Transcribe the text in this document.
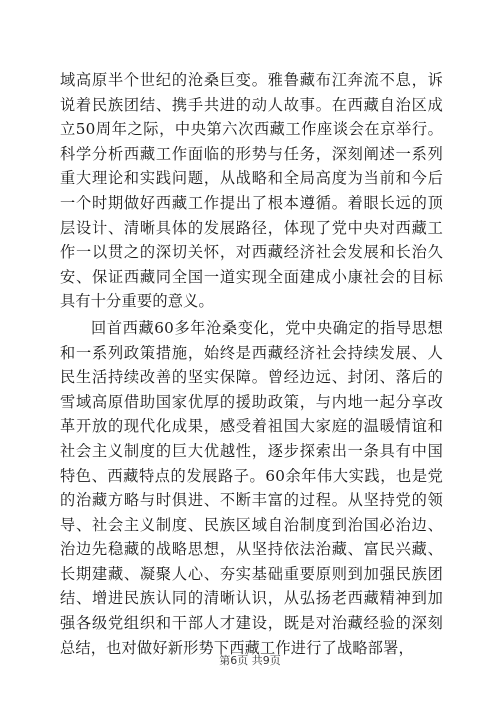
域高原半个世纪的沧桑巨变。雅鲁藏布江奔流不息，诉说着民族团结、携手共进的动人故事。在西藏自治区成立50周年之际，中央第六次西藏工作座谈会在京举行。科学分析西藏工作面临的形势与任务，深刻阐述一系列重大理论和实践问题，从战略和全局高度为当前和今后一个时期做好西藏工作提出了根本遵循。着眼长远的顶层设计、清晰具体的发展路径，体现了党中央对西藏工作一以贯之的深切关怀，对西藏经济社会发展和长治久安、保证西藏同全国一道实现全面建成小康社会的目标具有十分重要的意义。

回首西藏60多年沧桑变化，党中央确定的指导思想和一系列政策措施，始终是西藏经济社会持续发展、人民生活持续改善的坚实保障。曾经边远、封闭、落后的雪域高原借助国家优厚的援助政策，与内地一起分享改革开放的现代化成果，感受着祖国大家庭的温暖情谊和社会主义制度的巨大优越性，逐步探索出一条具有中国特色、西藏特点的发展路子。60余年伟大实践，也是党的治藏方略与时俱进、不断丰富的过程。从坚持党的领导、社会主义制度、民族区域自治制度到治国必治边、治边先稳藏的战略思想，从坚持依法治藏、富民兴藏、长期建藏、凝聚人心、夯实基础重要原则到加强民族团结、增进民族认同的清晰认识，从弘扬老西藏精神到加强各级党组织和干部人才建设，既是对治藏经验的深刻总结，也对做好新形势下西藏工作进行了战略部署，

第6页 共9页
